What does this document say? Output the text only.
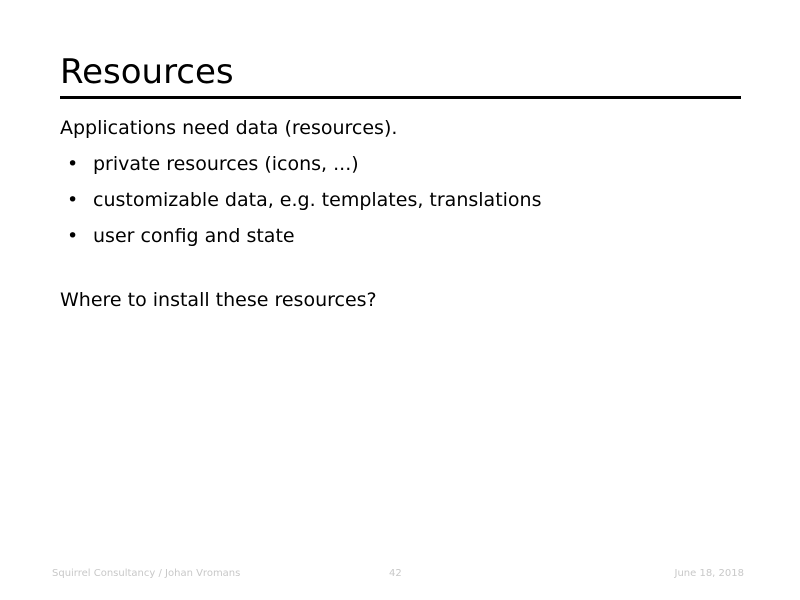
Resources

Applications need data (resources).

• private resources (icons, ...)
• customizable data, e.g. templates, translations
• user config and state

Where to install these resources?

Squirrel Consultancy / Johan Vromans	42	June 18, 2018
